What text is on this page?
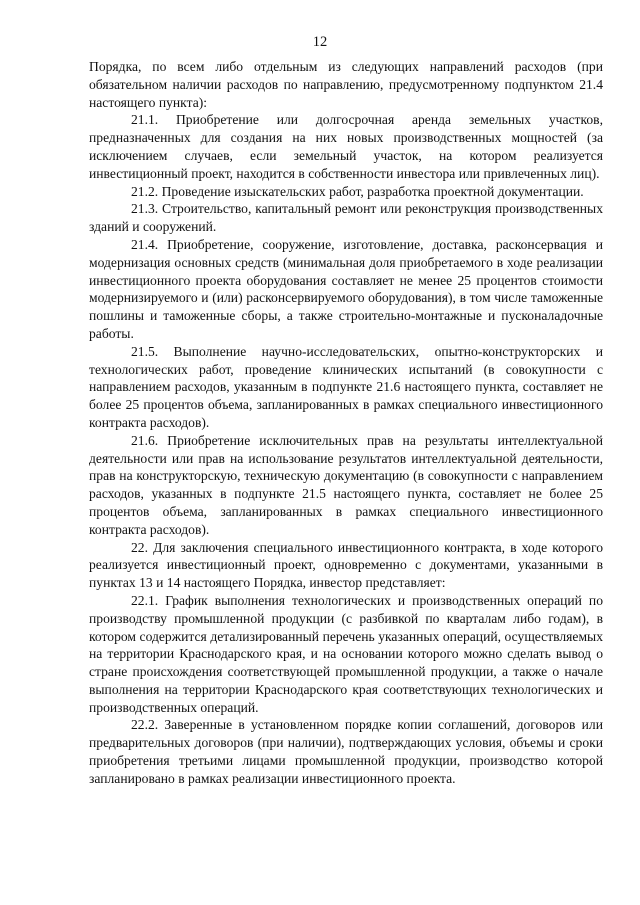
12

Порядка, по всем либо отдельным из следующих направлений расходов (при обязательном наличии расходов по направлению, предусмотренному подпунктом 21.4 настоящего пункта):

21.1. Приобретение или долгосрочная аренда земельных участков, предназначенных для создания на них новых производственных мощностей (за исключением случаев, если земельный участок, на котором реализуется инвестиционный проект, находится в собственности инвестора или привлеченных лиц).

21.2. Проведение изыскательских работ, разработка проектной документации.

21.3. Строительство, капитальный ремонт или реконструкция производственных зданий и сооружений.

21.4. Приобретение, сооружение, изготовление, доставка, расконсервация и модернизация основных средств (минимальная доля приобретаемого в ходе реализации инвестиционного проекта оборудования составляет не менее 25 процентов стоимости модернизируемого и (или) расконсервируемого оборудования), в том числе таможенные пошлины и таможенные сборы, а также строительно-монтажные и пусконаладочные работы.

21.5. Выполнение научно-исследовательских, опытно-конструкторских и технологических работ, проведение клинических испытаний (в совокупности с направлением расходов, указанным в подпункте 21.6 настоящего пункта, составляет не более 25 процентов объема, запланированных в рамках специального инвестиционного контракта расходов).

21.6. Приобретение исключительных прав на результаты интеллектуальной деятельности или прав на использование результатов интеллектуальной деятельности, прав на конструкторскую, техническую документацию (в совокупности с направлением расходов, указанных в подпункте 21.5 настоящего пункта, составляет не более 25 процентов объема, запланированных в рамках специального инвестиционного контракта расходов).

22. Для заключения специального инвестиционного контракта, в ходе которого реализуется инвестиционный проект, одновременно с документами, указанными в пунктах 13 и 14 настоящего Порядка, инвестор представляет:

22.1. График выполнения технологических и производственных операций по производству промышленной продукции (с разбивкой по кварталам либо годам), в котором содержится детализированный перечень указанных операций, осуществляемых на территории Краснодарского края, и на основании которого можно сделать вывод о стране происхождения соответствующей промышленной продукции, а также о начале выполнения на территории Краснодарского края соответствующих технологических и производственных операций.

22.2. Заверенные в установленном порядке копии соглашений, договоров или предварительных договоров (при наличии), подтверждающих условия, объемы и сроки приобретения третьими лицами промышленной продукции, производство которой запланировано в рамках реализации инвестиционного проекта.
